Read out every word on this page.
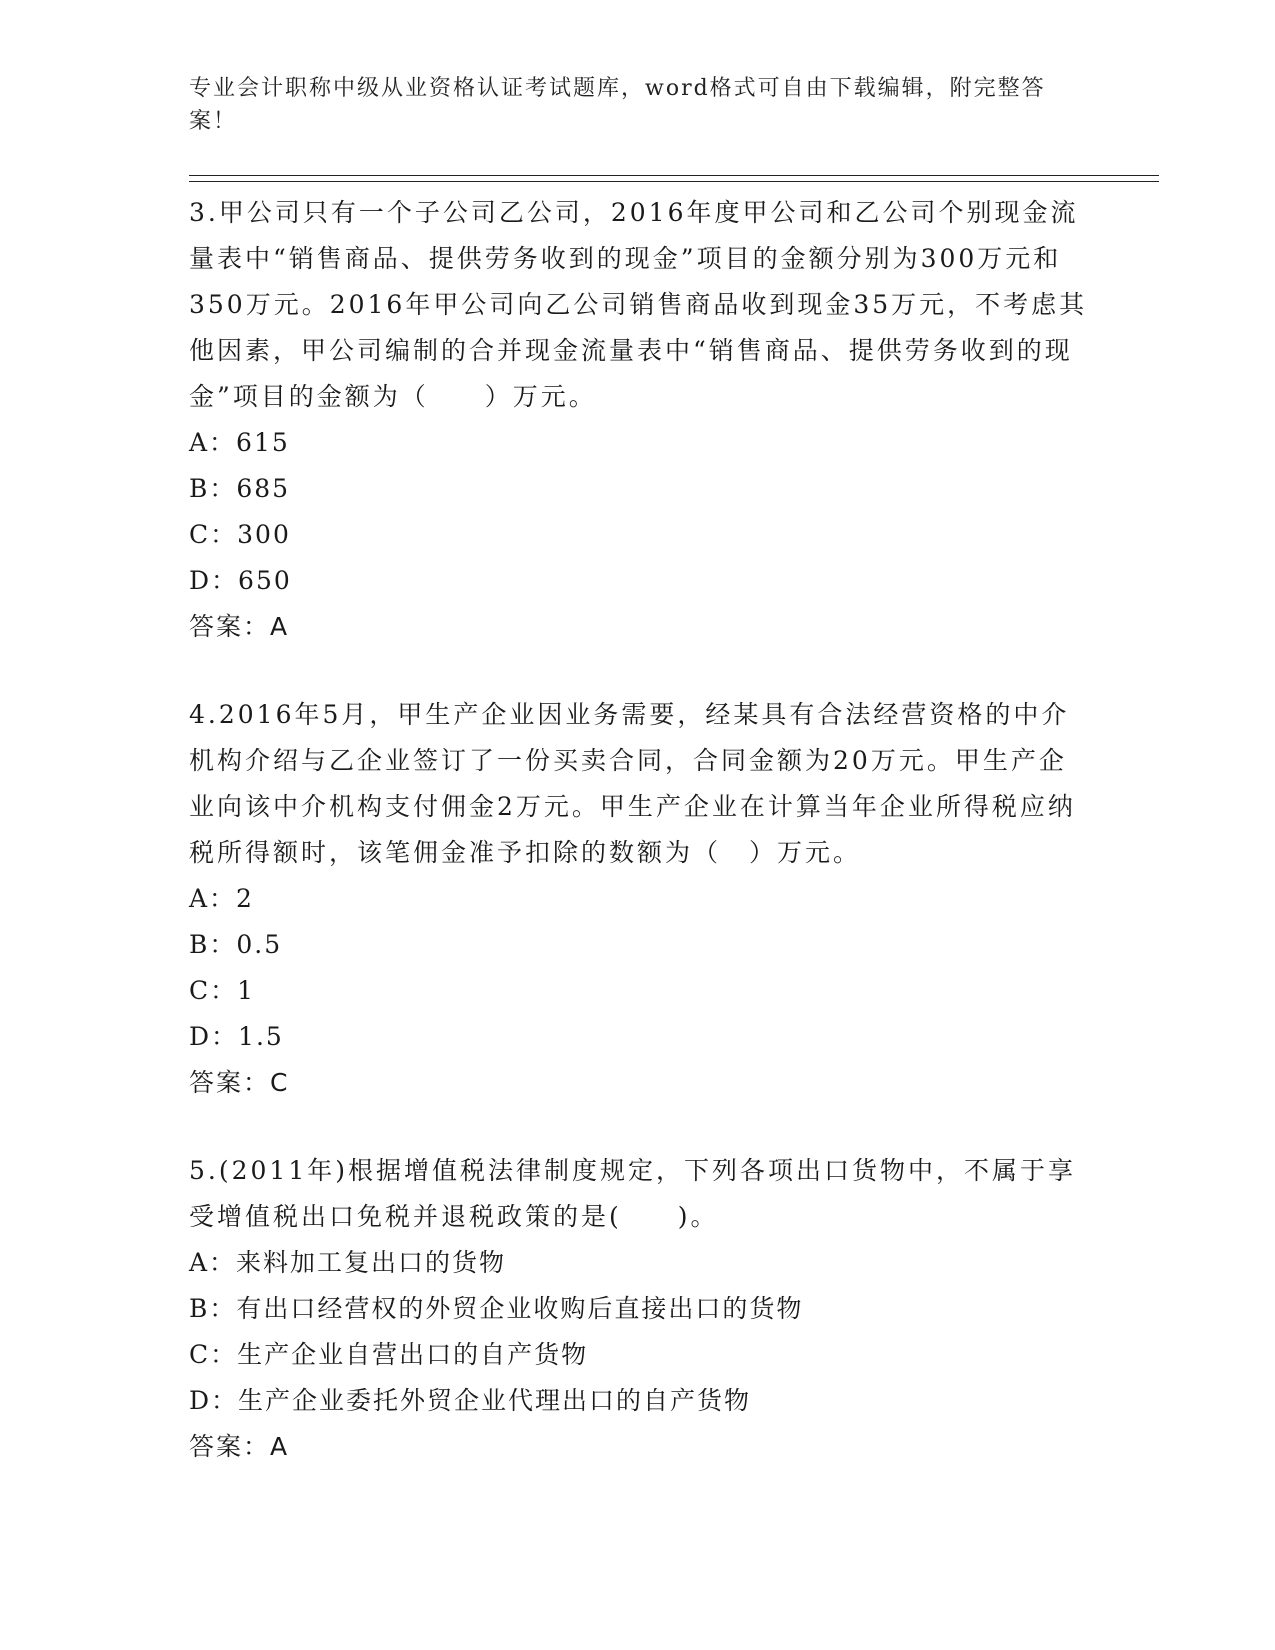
专业会计职称中级从业资格认证考试题库，word格式可自由下载编辑，附完整答案！

3.甲公司只有一个子公司乙公司，2016年度甲公司和乙公司个别现金流量表中“销售商品、提供劳务收到的现金”项目的金额分别为300万元和350万元。2016年甲公司向乙公司销售商品收到现金35万元，不考虑其他因素，甲公司编制的合并现金流量表中“销售商品、提供劳务收到的现金”项目的金额为（　　）万元。

A：615

B：685

C：300

D：650

答案：A

4.2016年5月，甲生产企业因业务需要，经某具有合法经营资格的中介机构介绍与乙企业签订了一份买卖合同，合同金额为20万元。甲生产企业向该中介机构支付佣金2万元。甲生产企业在计算当年企业所得税应纳税所得额时，该笔佣金准予扣除的数额为（　）万元。

A：2

B：0.5

C：1

D：1.5

答案：C

5.(2011年)根据增值税法律制度规定，下列各项出口货物中，不属于享受增值税出口免税并退税政策的是(　　)。

A：来料加工复出口的货物

B：有出口经营权的外贸企业收购后直接出口的货物

C：生产企业自营出口的自产货物

D：生产企业委托外贸企业代理出口的自产货物

答案：A
